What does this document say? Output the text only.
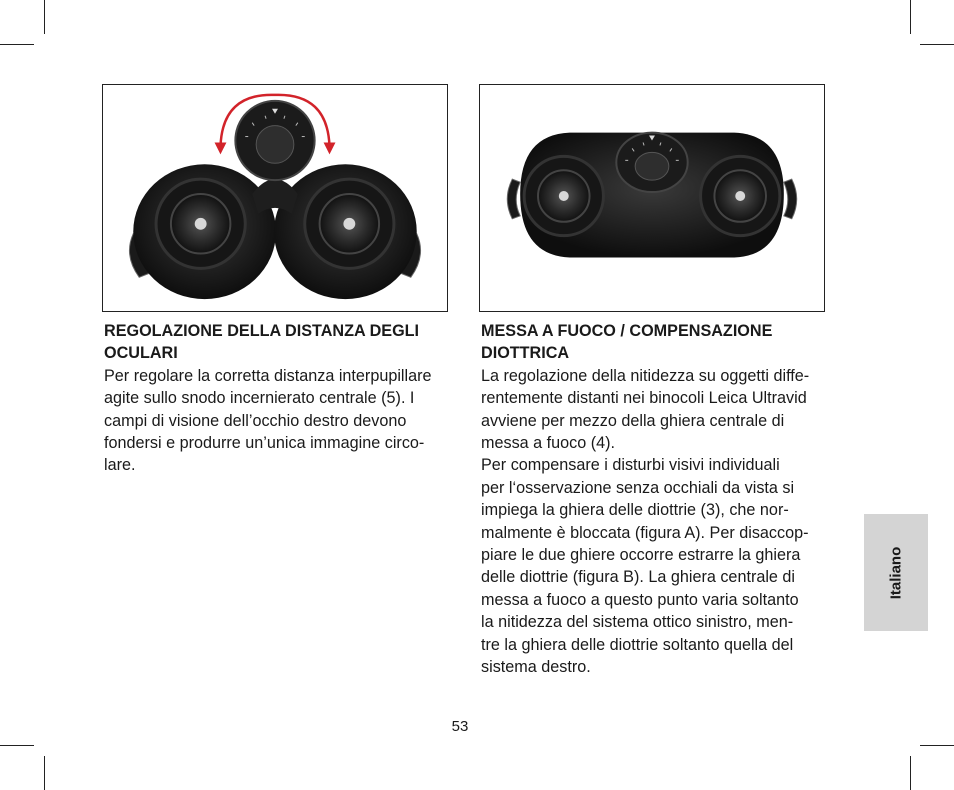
REGOLAZIONE DELLA DISTANZA DEGLI
OCULARI

Per regolare la corretta distanza interpupillare
agite sullo snodo incernierato centrale (5). I
campi di visione dell’occhio destro devono
fondersi e produrre un’unica immagine circo-
lare.

MESSA A FUOCO / COMPENSAZIONE
DIOTTRICA

La regolazione della nitidezza su oggetti diffe-
rentemente distanti nei binocoli Leica Ultravid
avviene per mezzo della ghiera centrale di
messa a fuoco (4).
Per compensare i disturbi visivi individuali
per l‘osservazione senza occhiali da vista si
impiega la ghiera delle diottrie (3), che nor-
malmente è bloccata (figura A). Per disaccop-
piare le due ghiere occorre estrarre la ghiera
delle diottrie (figura B). La ghiera centrale di
messa a fuoco a questo punto varia soltanto
la nitidezza del sistema ottico sinistro, men-
tre la ghiera delle diottrie soltanto quella del
sistema destro.

Italiano
53
